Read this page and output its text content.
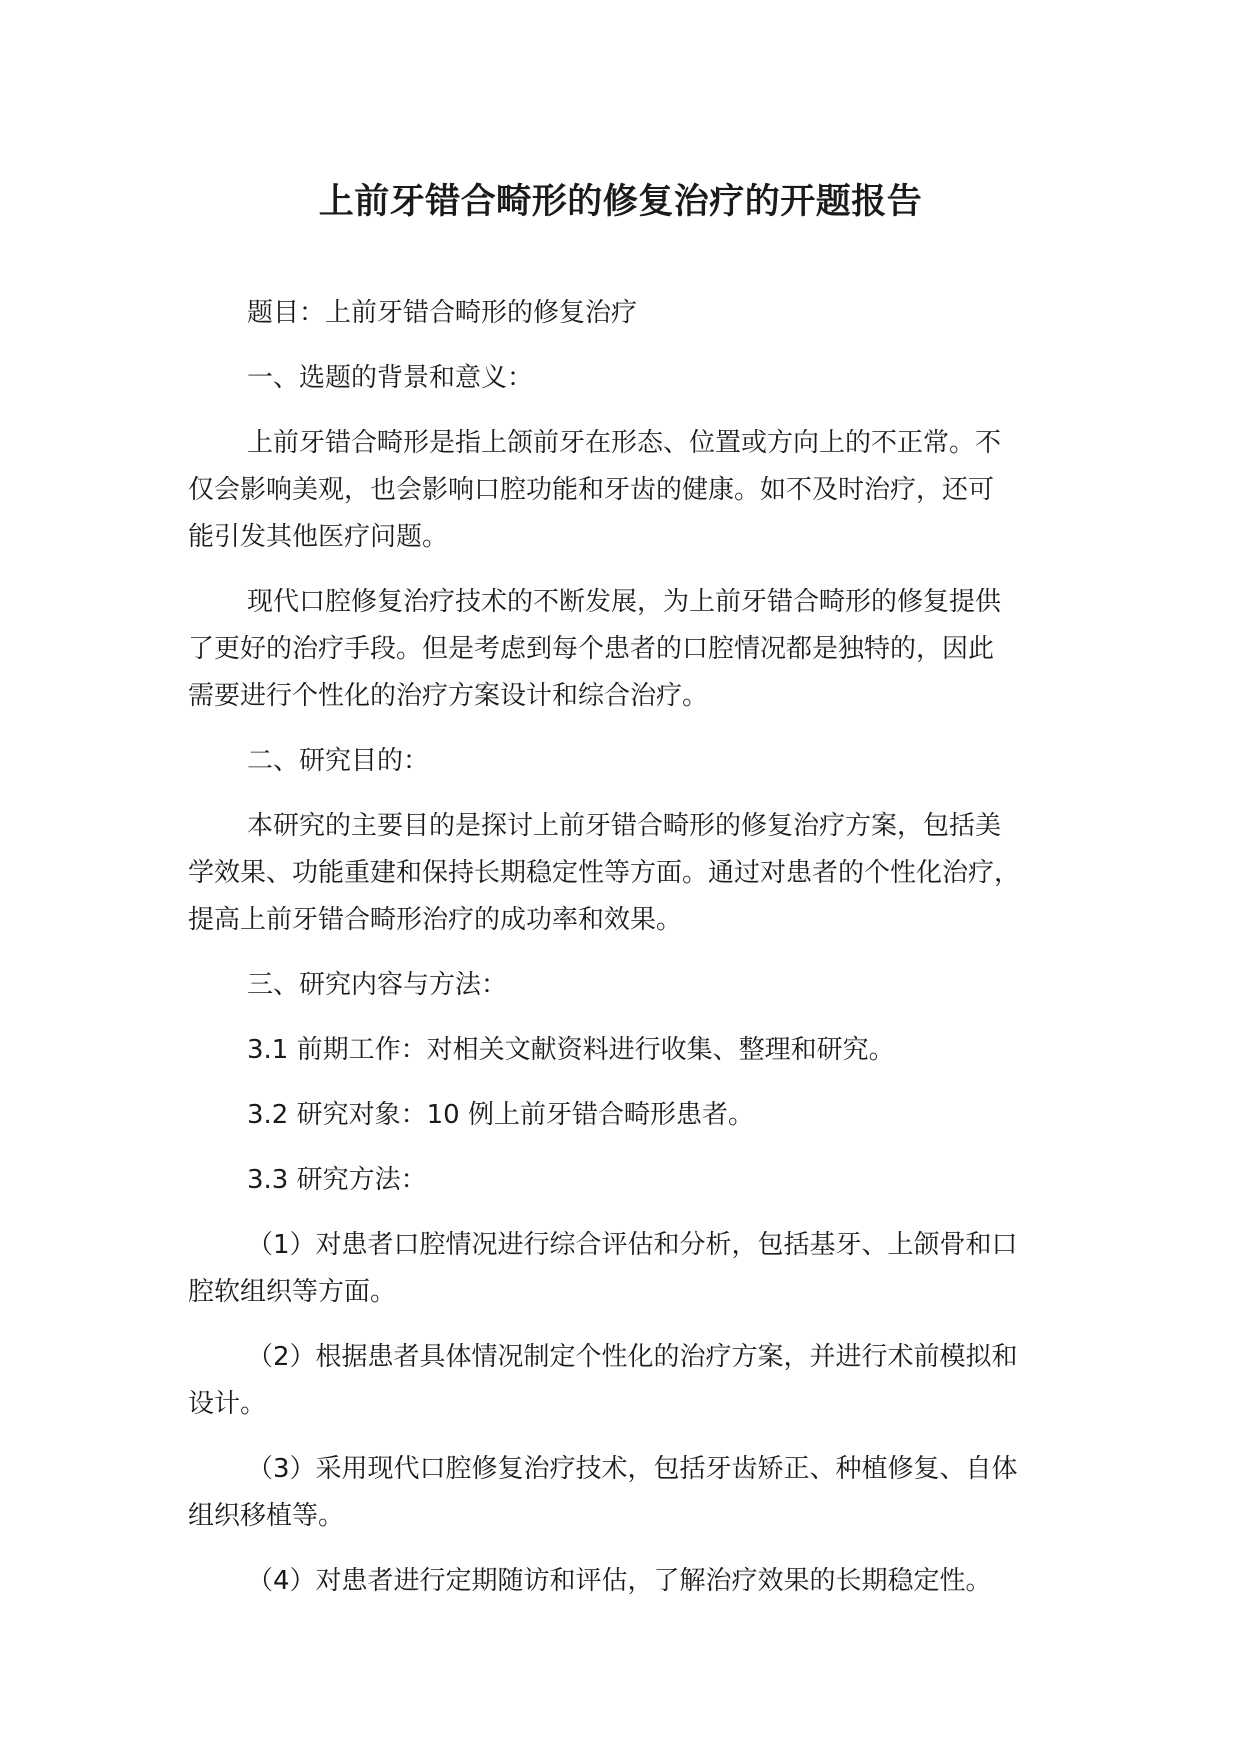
上前牙错合畸形的修复治疗的开题报告

题目：上前牙错合畸形的修复治疗

一、选题的背景和意义：

上前牙错合畸形是指上颌前牙在形态、位置或方向上的不正常。不
仅会影响美观，也会影响口腔功能和牙齿的健康。如不及时治疗，还可
能引发其他医疗问题。

现代口腔修复治疗技术的不断发展，为上前牙错合畸形的修复提供
了更好的治疗手段。但是考虑到每个患者的口腔情况都是独特的，因此
需要进行个性化的治疗方案设计和综合治疗。

二、研究目的：

本研究的主要目的是探讨上前牙错合畸形的修复治疗方案，包括美
学效果、功能重建和保持长期稳定性等方面。通过对患者的个性化治疗，
提高上前牙错合畸形治疗的成功率和效果。

三、研究内容与方法：

3.1 前期工作：对相关文献资料进行收集、整理和研究。

3.2 研究对象：10 例上前牙错合畸形患者。

3.3 研究方法：

（1）对患者口腔情况进行综合评估和分析，包括基牙、上颌骨和口
腔软组织等方面。

（2）根据患者具体情况制定个性化的治疗方案，并进行术前模拟和
设计。

（3）采用现代口腔修复治疗技术，包括牙齿矫正、种植修复、自体
组织移植等。

（4）对患者进行定期随访和评估，了解治疗效果的长期稳定性。
